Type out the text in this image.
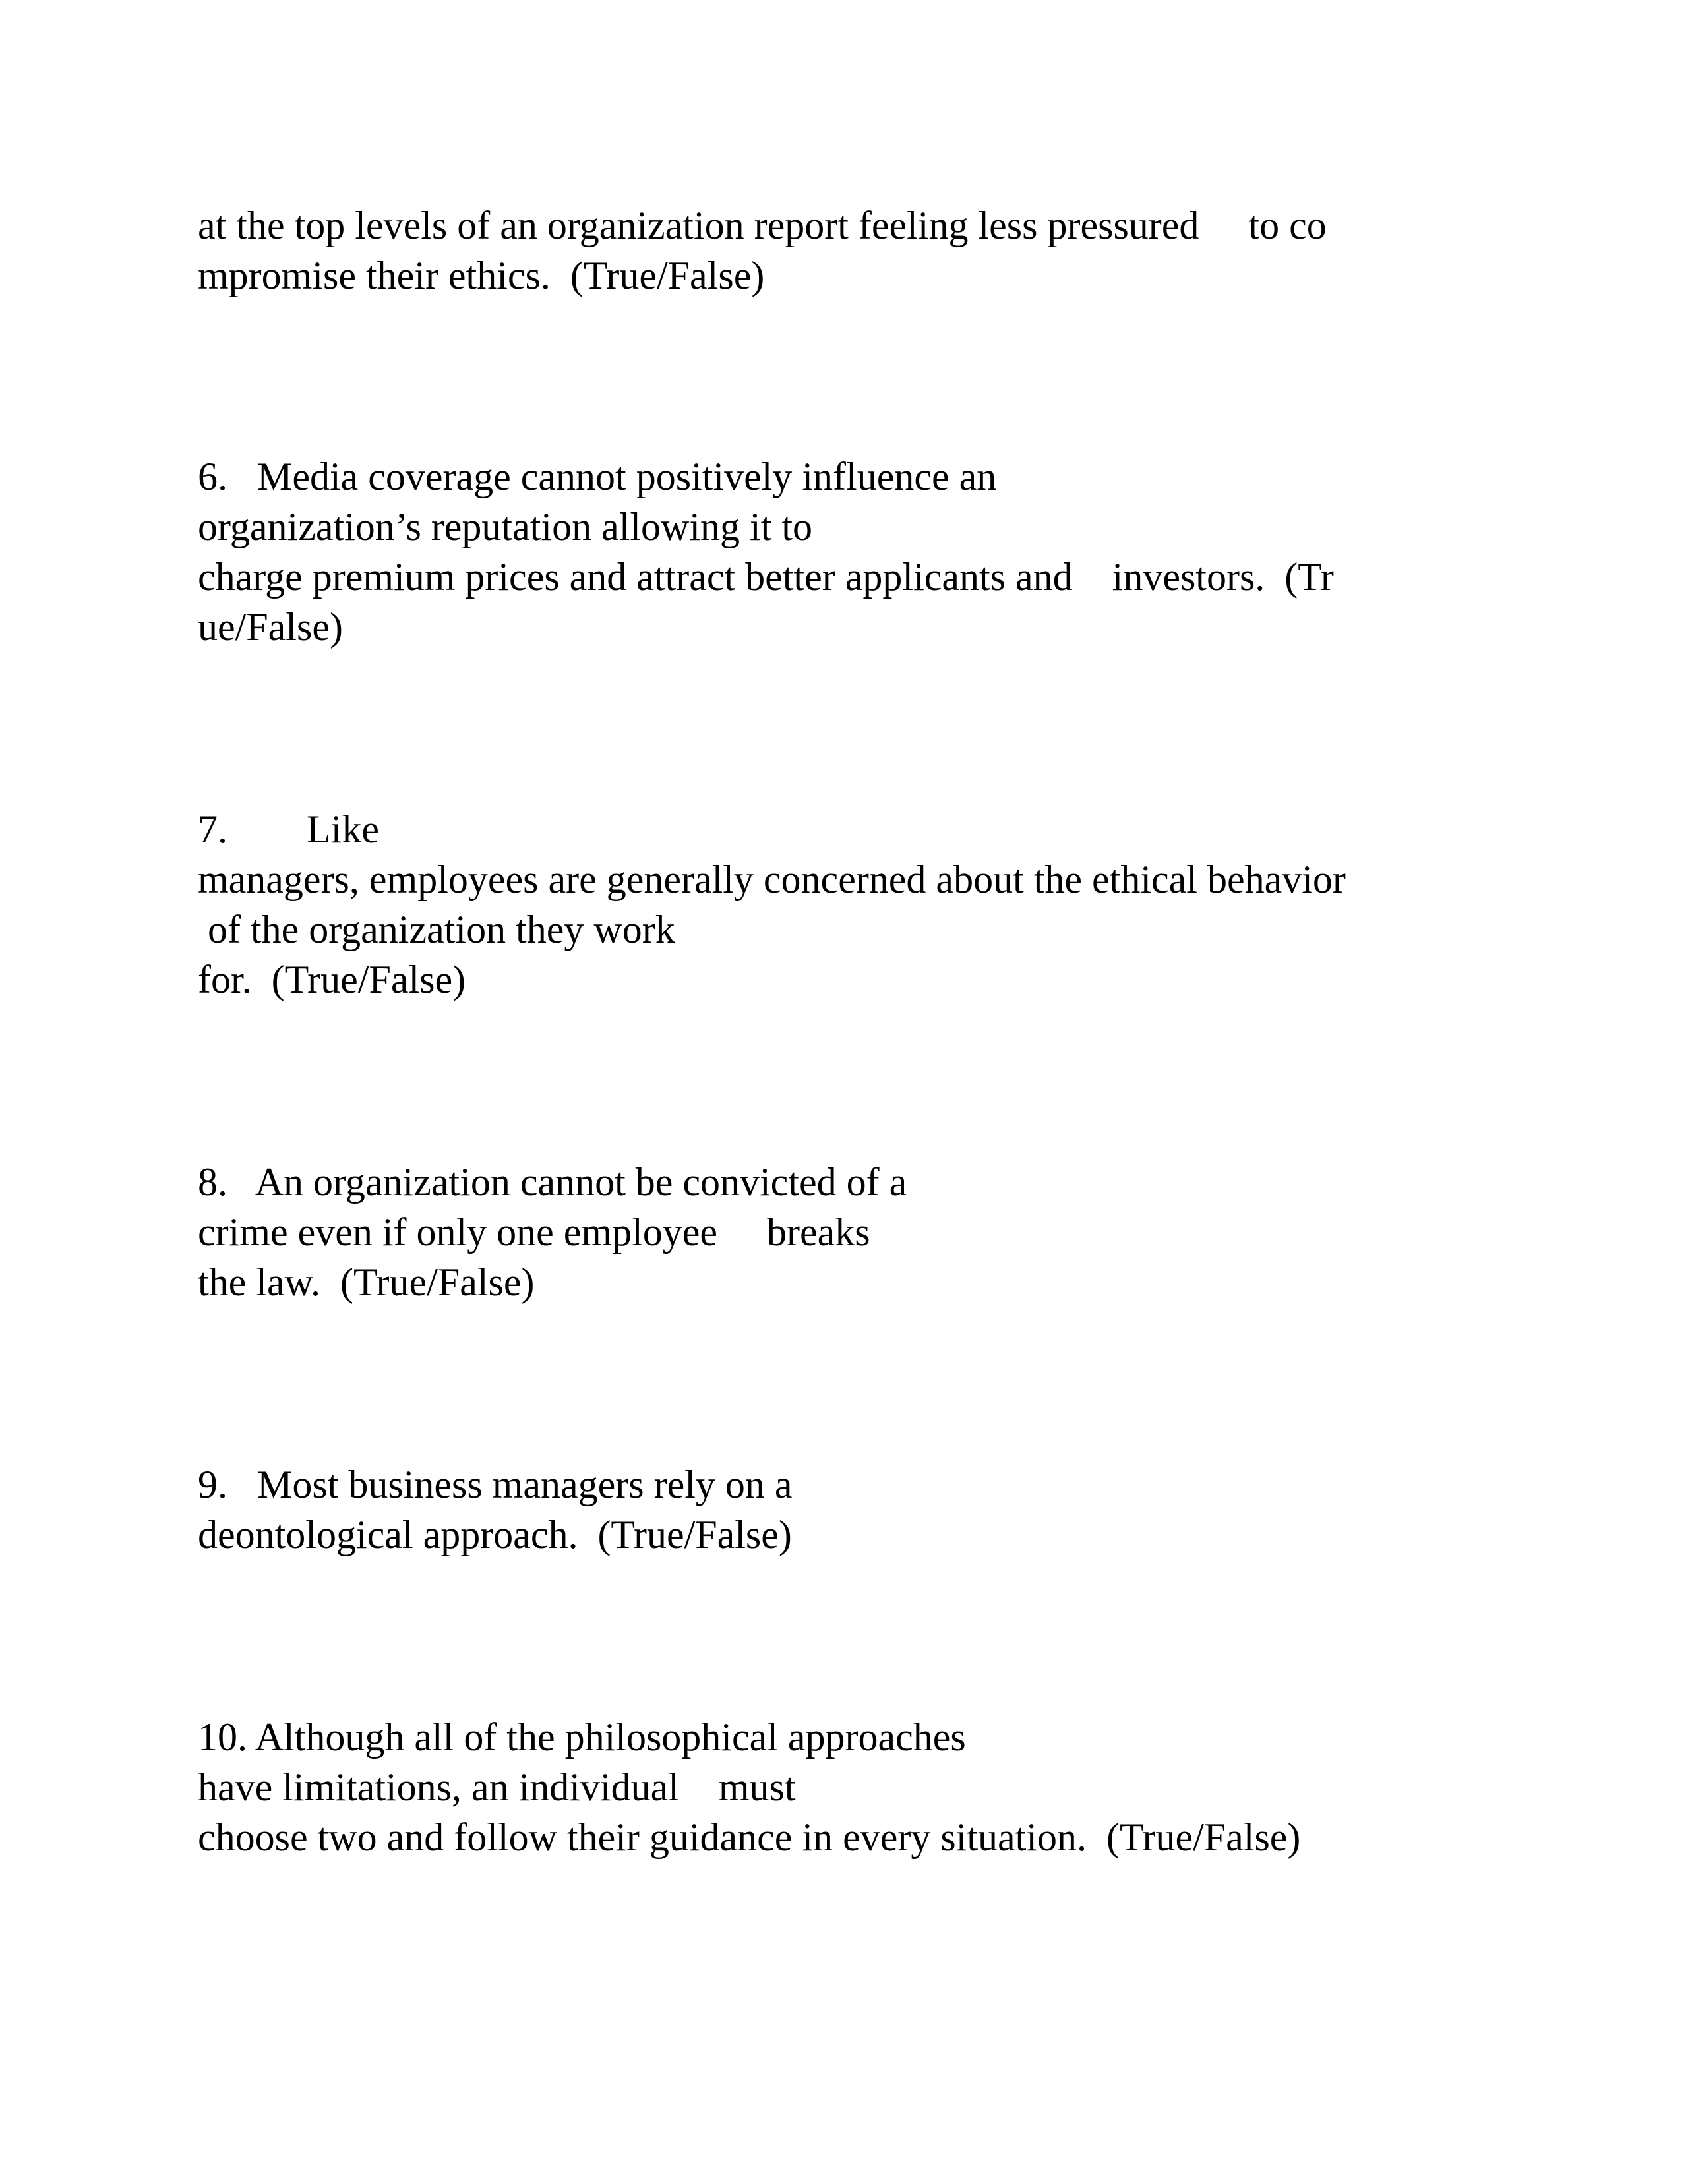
at the top levels of an organization report feeling less pressured     to co

mpromise their ethics.  (True/False)

6.   Media coverage cannot positively influence an

organization’s reputation allowing it to

charge premium prices and attract better applicants and    investors.  (Tr

ue/False)

7.        Like

managers, employees are generally concerned about the ethical behavior

of the organization they work

for.  (True/False)

8.   An organization cannot be convicted of a

crime even if only one employee     breaks

the law.  (True/False)

9.   Most business managers rely on a

deontological approach.  (True/False)

10. Although all of the philosophical approaches

have limitations, an individual    must

choose two and follow their guidance in every situation.  (True/False)
